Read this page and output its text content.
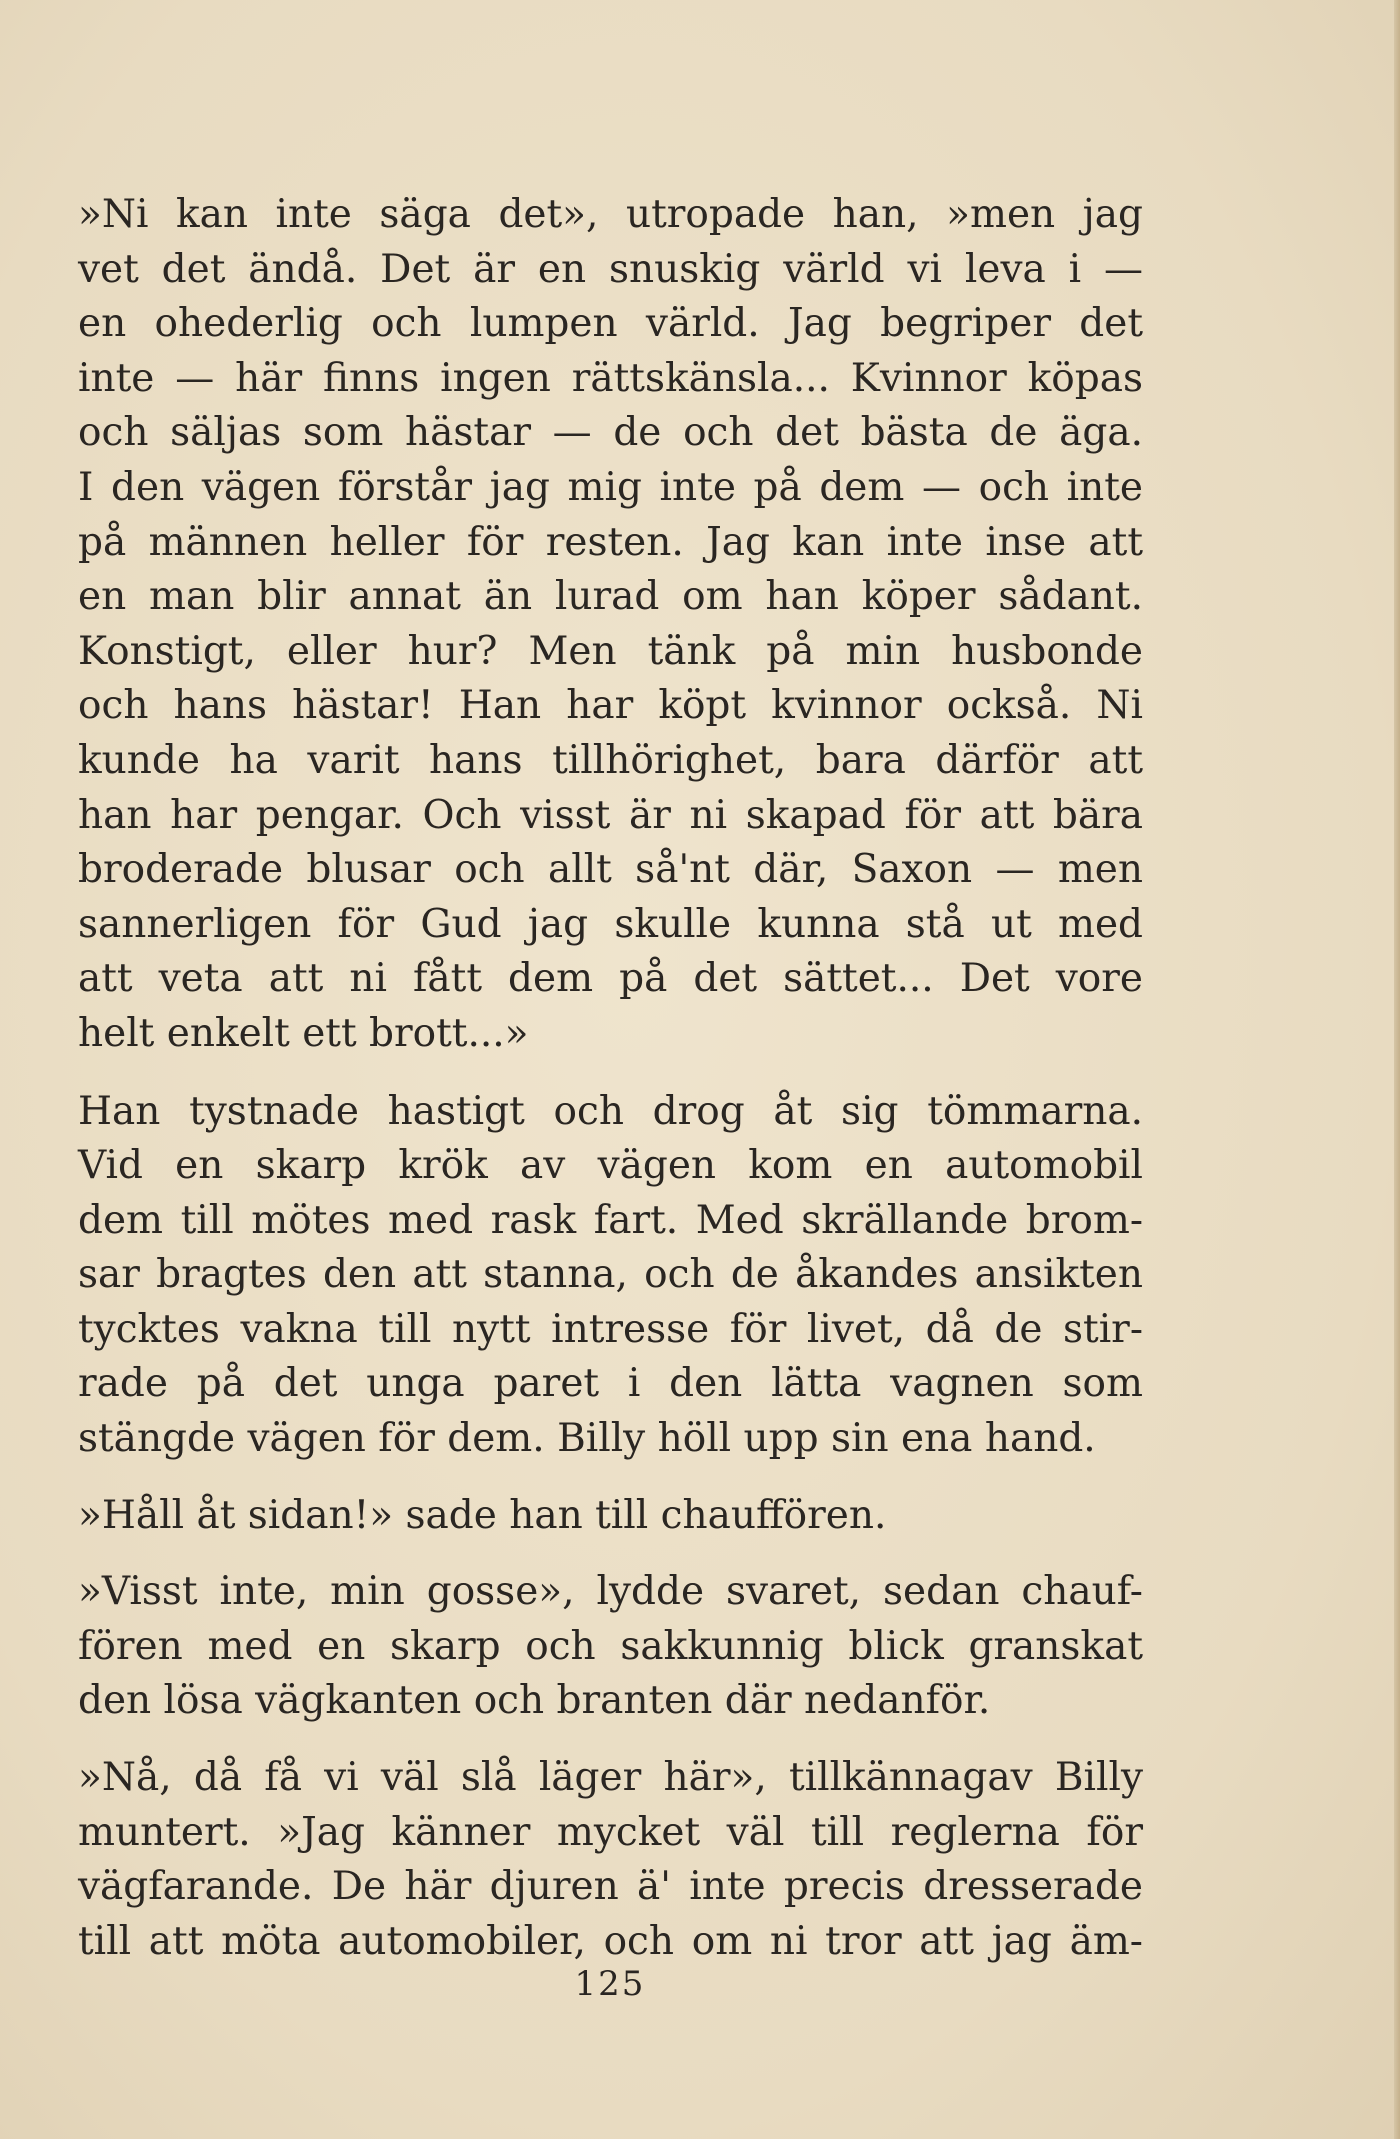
»Ni kan inte säga det», utropade han, »men jag
vet det ändå. Det är en snuskig värld vi leva i —
en ohederlig och lumpen värld. Jag begriper det
inte — här finns ingen rättskänsla... Kvinnor köpas
och säljas som hästar — de och det bästa de äga.
I den vägen förstår jag mig inte på dem — och inte
på männen heller för resten. Jag kan inte inse att
en man blir annat än lurad om han köper sådant.
Konstigt, eller hur? Men tänk på min husbonde
och hans hästar! Han har köpt kvinnor också. Ni
kunde ha varit hans tillhörighet, bara därför att
han har pengar. Och visst är ni skapad för att bära
broderade blusar och allt så'nt där, Saxon — men
sannerligen för Gud jag skulle kunna stå ut med
att veta att ni fått dem på det sättet... Det vore
helt enkelt ett brott...»

Han tystnade hastigt och drog åt sig tömmarna.
Vid en skarp krök av vägen kom en automobil
dem till mötes med rask fart. Med skrällande brom-
sar bragtes den att stanna, och de åkandes ansikten
tycktes vakna till nytt intresse för livet, då de stir-
rade på det unga paret i den lätta vagnen som
stängde vägen för dem. Billy höll upp sin ena hand.

»Håll åt sidan!» sade han till chauffören.

»Visst inte, min gosse», lydde svaret, sedan chauf-
fören med en skarp och sakkunnig blick granskat
den lösa vägkanten och branten där nedanför.

»Nå, då få vi väl slå läger här», tillkännagav Billy
muntert. »Jag känner mycket väl till reglerna för
vägfarande. De här djuren ä' inte precis dresserade
till att möta automobiler, och om ni tror att jag äm-

125
